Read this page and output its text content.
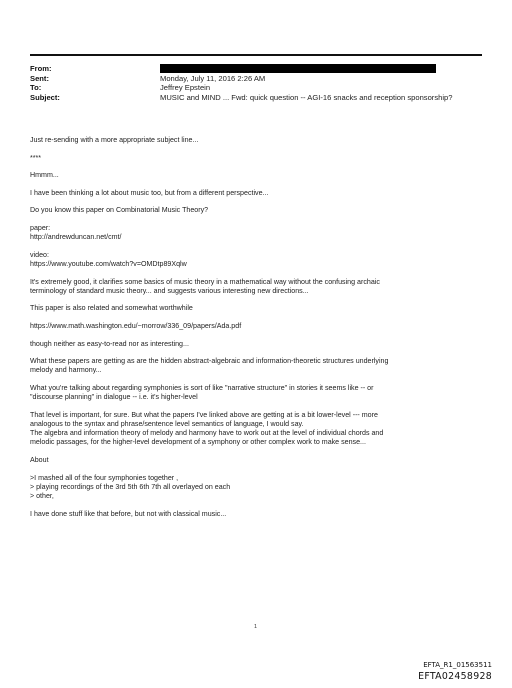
From:
Sent:	Monday, July 11, 2016 2:26 AM
To:	Jeffrey Epstein
Subject:	MUSIC and MIND ... Fwd: quick question -- AGI-16 snacks and reception sponsorship?

Just re-sending with a more appropriate subject line...

****

Hmmm...

I have been thinking a lot about music too, but from a different perspective...

Do you know this paper on Combinatorial Music Theory?

paper:
http://andrewduncan.net/cmt/

video:
https://www.youtube.com/watch?v=OMDtp89Xqlw

It's extremely good, it clarifies some basics of music theory in a mathematical way without the confusing archaic
terminology of standard music theory... and suggests various interesting new directions...

This paper is also related and somewhat worthwhile

https://www.math.washington.edu/~morrow/336_09/papers/Ada.pdf

though neither as easy-to-read nor as interesting...

What these papers are getting as are the hidden abstract-algebraic and information-theoretic structures underlying
melody and harmony...

What you're talking about regarding symphonies is sort of like "narrative structure" in stories it seems like -- or
"discourse planning" in dialogue -- i.e. it's higher-level

That level is important, for sure. But what the papers I've linked above are getting at is a bit lower-level --- more
analogous to the syntax and phrase/sentence level semantics of language, I would say.
The algebra and information theory of melody and harmony have to work out at the level of individual chords and
melodic passages, for the higher-level development of a symphony or other complex work to make sense...

About

>I mashed all of the four symphonies together ,
> playing recordings of the 3rd 5th 6th 7th all overlayed on each
> other,

I have done stuff like that before, but not with classical music...

1
EFTA_R1_01563511
EFTA02458928
